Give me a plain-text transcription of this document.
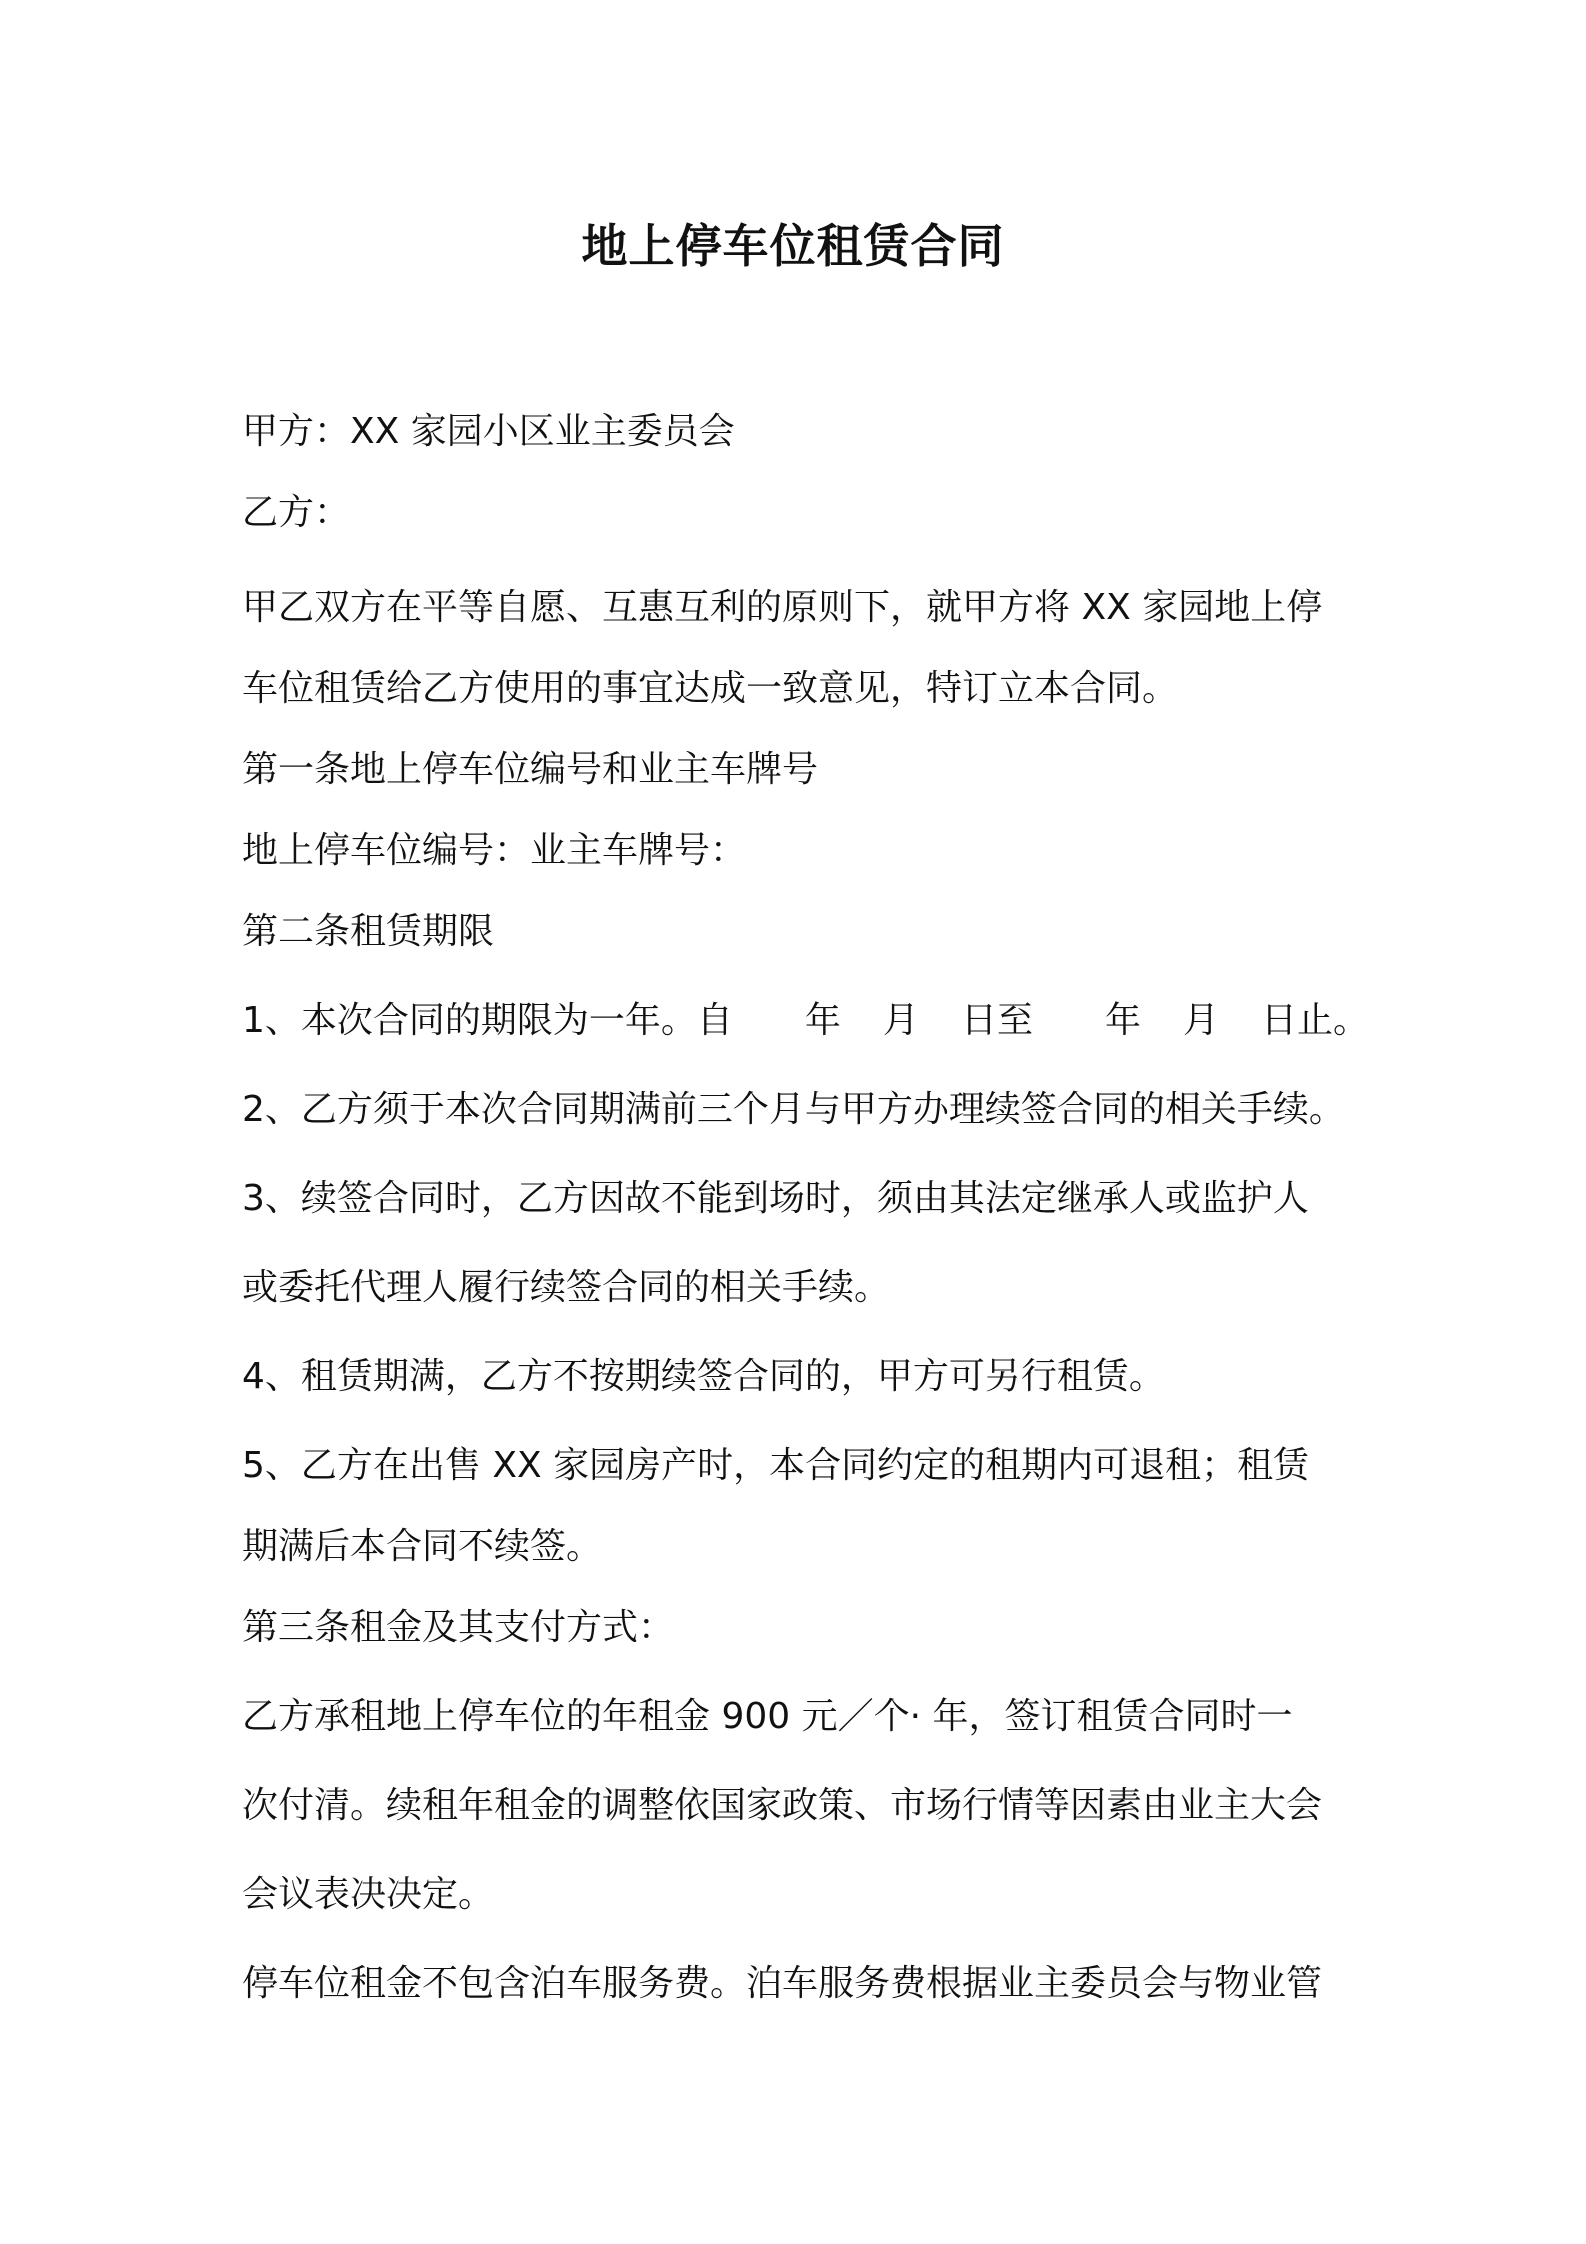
地上停车位租赁合同

甲方：XX 家园小区业主委员会

乙方：

甲乙双方在平等自愿、互惠互利的原则下，就甲方将 XX 家园地上停

车位租赁给乙方使用的事宜达成一致意见，特订立本合同。

第一条地上停车位编号和业主车牌号

地上停车位编号：业主车牌号：

第二条租赁期限

1、本次合同的期限为一年。自 年 月 日至 年 月 日止。

2、乙方须于本次合同期满前三个月与甲方办理续签合同的相关手续。

3、续签合同时，乙方因故不能到场时，须由其法定继承人或监护人

或委托代理人履行续签合同的相关手续。

4、租赁期满，乙方不按期续签合同的，甲方可另行租赁。

5、乙方在出售 XX 家园房产时，本合同约定的租期内可退租；租赁

期满后本合同不续签。

第三条租金及其支付方式：

乙方承租地上停车位的年租金 900 元／个· 年，签订租赁合同时一

次付清。续租年租金的调整依国家政策、市场行情等因素由业主大会

会议表决决定。

停车位租金不包含泊车服务费。泊车服务费根据业主委员会与物业管
